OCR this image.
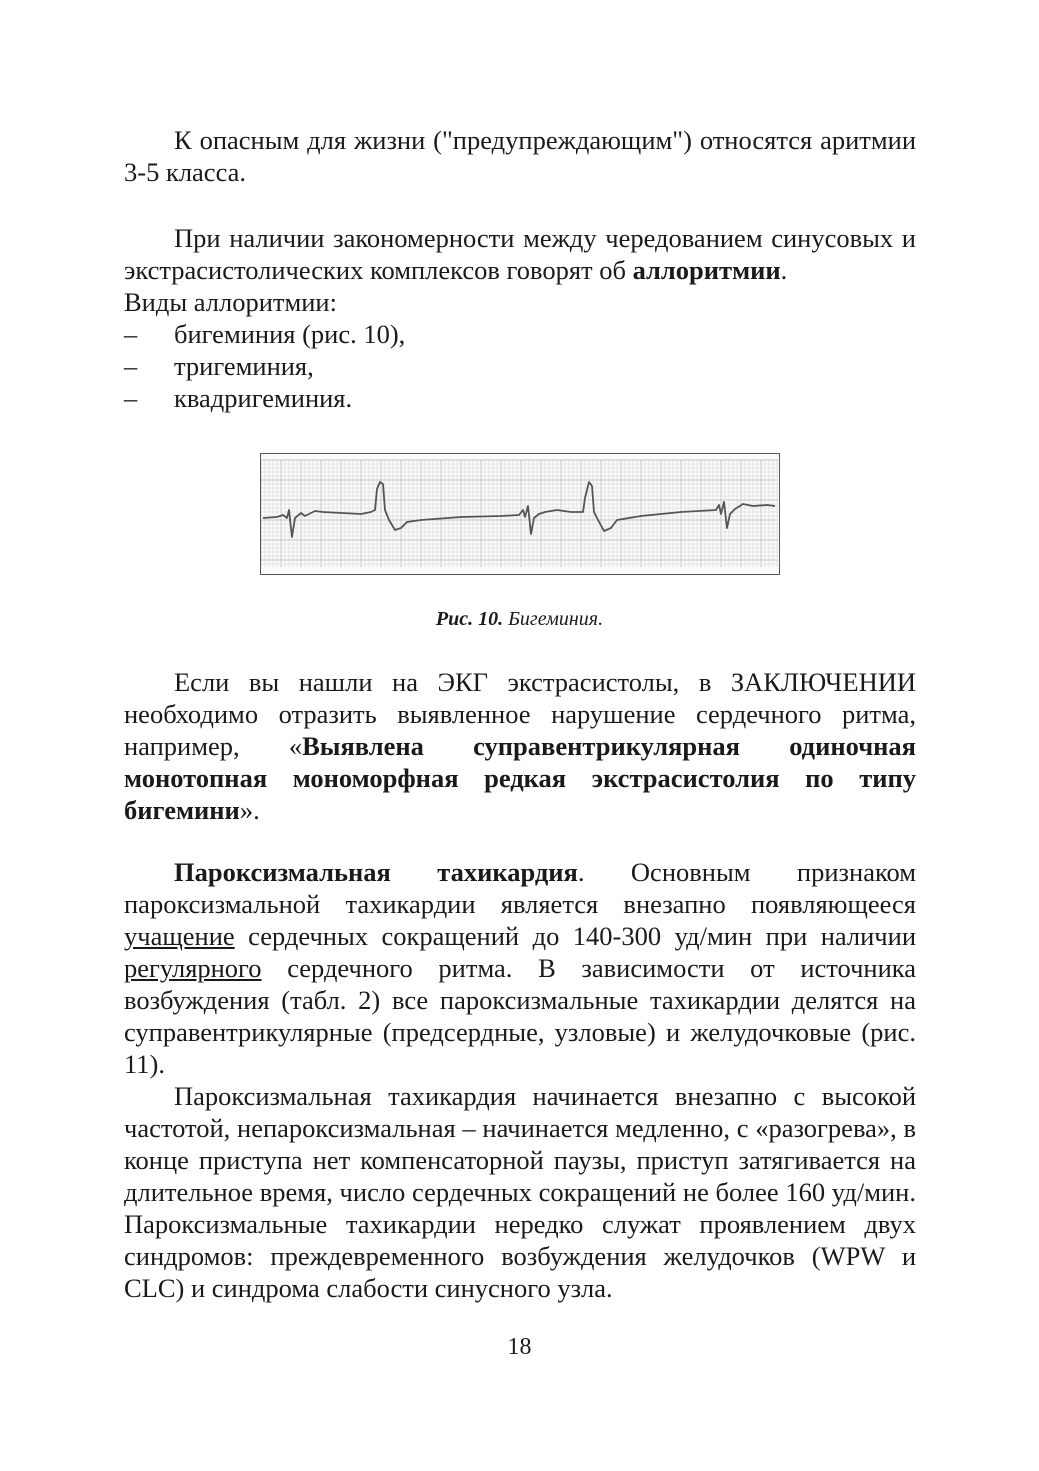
К опасным для жизни ("предупреждающим") относятся аритмии 3-5 класса.

При наличии закономерности между чередованием синусовых и экстрасистолических комплексов говорят об аллоритмии.

Виды аллоритмии:

– бигеминия (рис. 10),
– тригеминия,
– квадригеминия.
Рис. 10. Бигеминия.

Если вы нашли на ЭКГ экстрасистолы, в ЗАКЛЮЧЕНИИ необходимо отразить выявленное нарушение сердечного ритма, например, «Выявлена суправентрикулярная одиночная монотопная мономорфная редкая экстрасистолия по типу бигемини».

Пароксизмальная тахикардия. Основным признаком пароксизмальной тахикардии является внезапно появляющееся учащение сердечных сокращений до 140-300 уд/мин при наличии регулярного сердечного ритма. В зависимости от источника возбуждения (табл. 2) все пароксизмальные тахикардии делятся на суправентрикулярные (предсердные, узловые) и желудочковые (рис. 11).

Пароксизмальная тахикардия начинается внезапно с высокой частотой, непароксизмальная – начинается медленно, с «разогрева», в конце приступа нет компенсаторной паузы, приступ затягивается на длительное время, число сердечных сокращений не более 160 уд/мин. Пароксизмальные тахикардии нередко служат проявлением двух синдромов: преждевременного возбуждения желудочков (WPW и CLC) и синдрома слабости синусного узла.

18
